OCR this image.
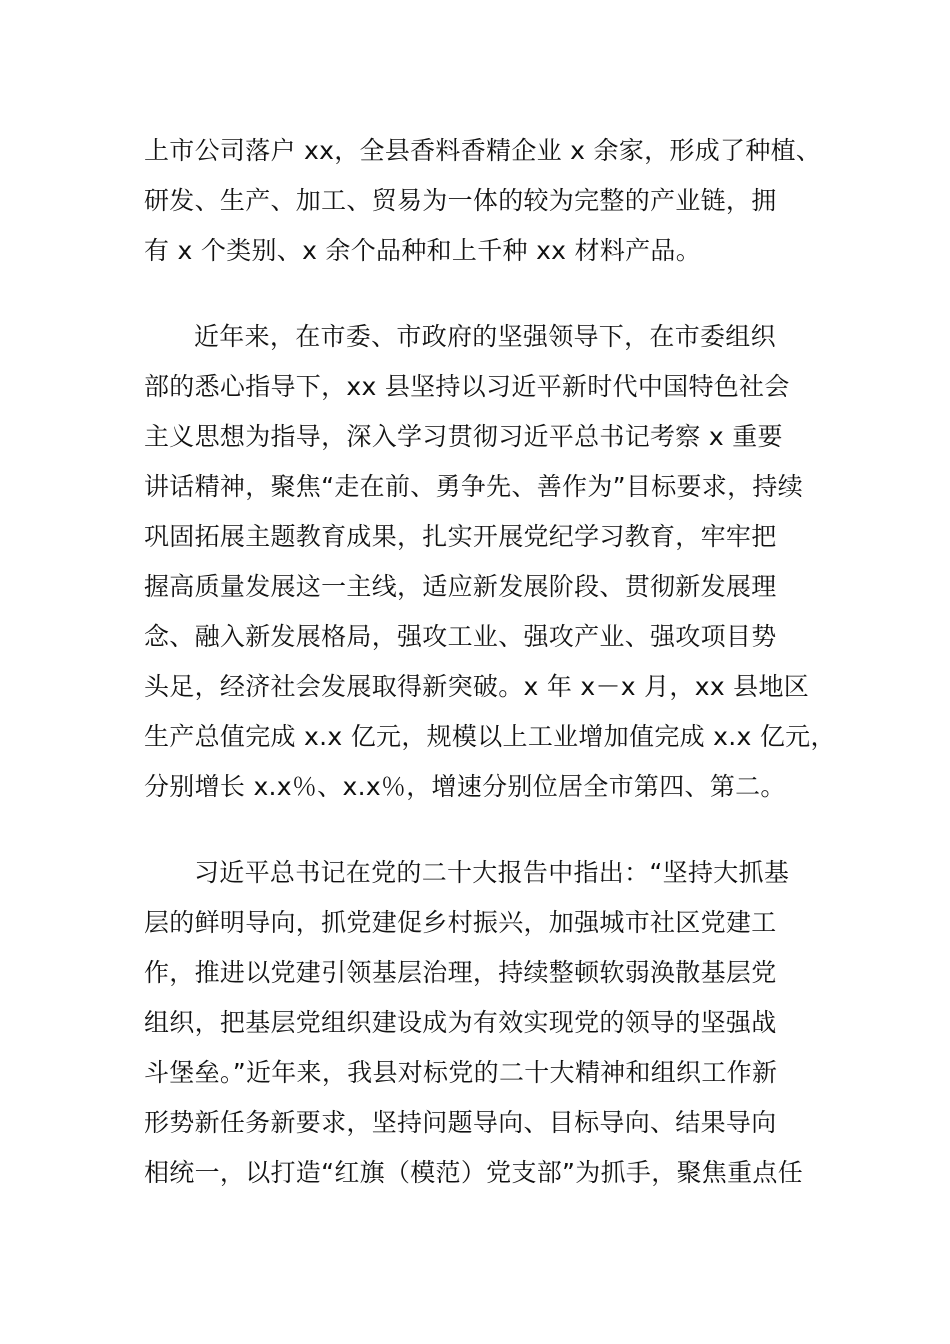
上市公司落户 xx，全县香料香精企业 x 余家，形成了种植、
研发、生产、加工、贸易为一体的较为完整的产业链，拥
有 x 个类别、x 余个品种和上千种 xx 材料产品。
近年来，在市委、市政府的坚强领导下，在市委组织
部的悉心指导下，xx 县坚持以习近平新时代中国特色社会
主义思想为指导，深入学习贯彻习近平总书记考察 x 重要
讲话精神，聚焦“走在前、勇争先、善作为”目标要求，持续
巩固拓展主题教育成果，扎实开展党纪学习教育，牢牢把
握高质量发展这一主线，适应新发展阶段、贯彻新发展理
念、融入新发展格局，强攻工业、强攻产业、强攻项目势
头足，经济社会发展取得新突破。x 年 x－x 月，xx 县地区
生产总值完成 x.x 亿元，规模以上工业增加值完成 x.x 亿元，
分别增长 x.x％、x.x％，增速分别位居全市第四、第二。
习近平总书记在党的二十大报告中指出：“坚持大抓基
层的鲜明导向，抓党建促乡村振兴，加强城市社区党建工
作，推进以党建引领基层治理，持续整顿软弱涣散基层党
组织，把基层党组织建设成为有效实现党的领导的坚强战
斗堡垒。”近年来，我县对标党的二十大精神和组织工作新
形势新任务新要求，坚持问题导向、目标导向、结果导向
相统一，以打造“红旗（模范）党支部”为抓手，聚焦重点任
